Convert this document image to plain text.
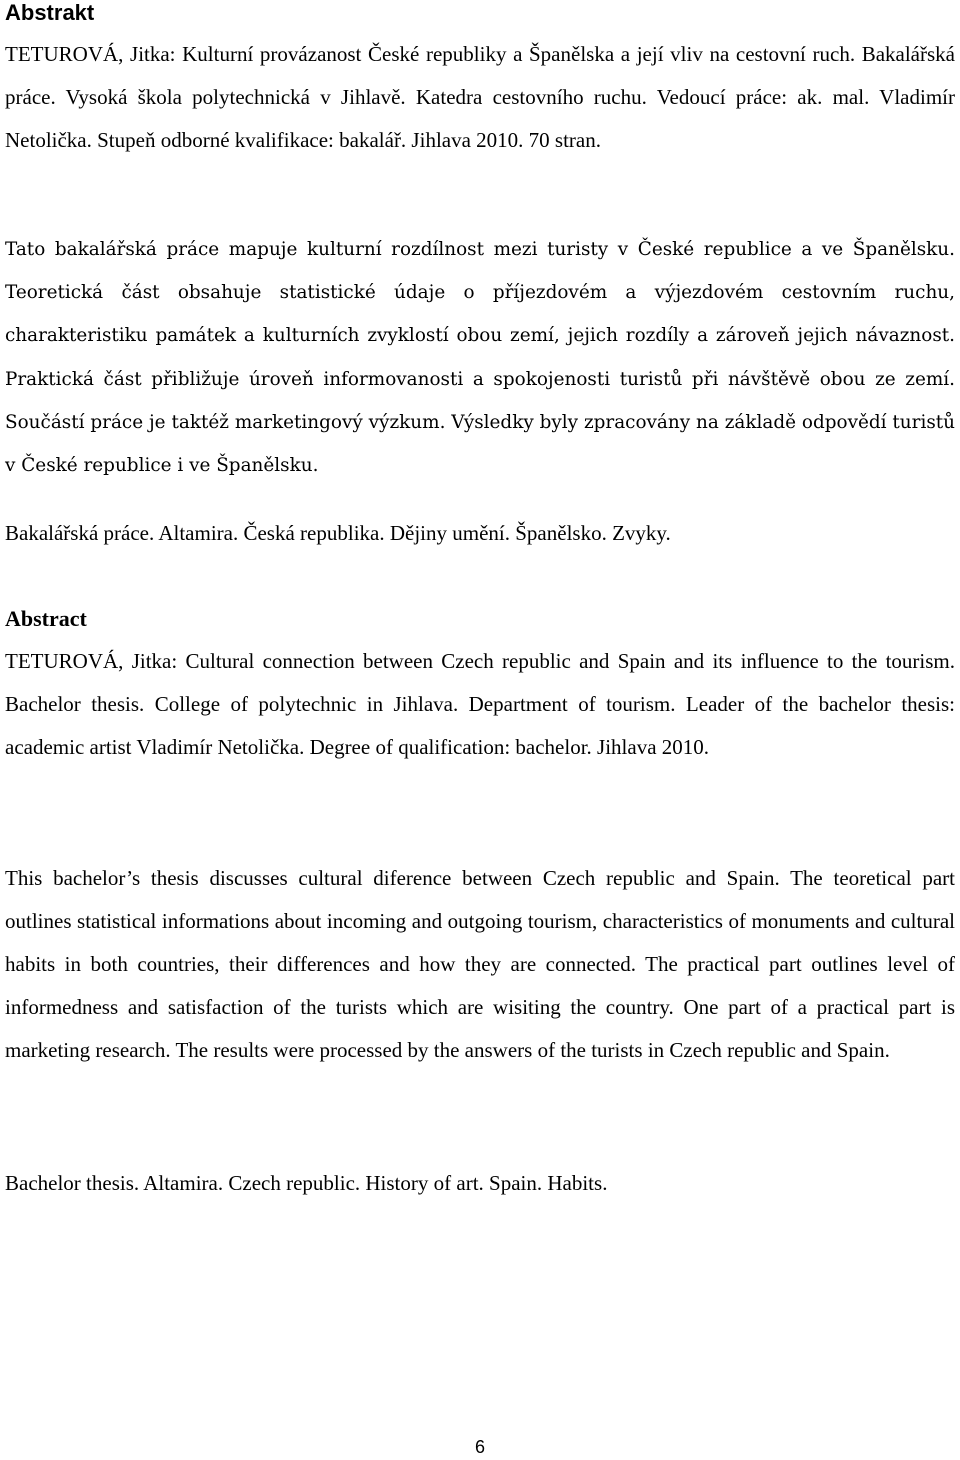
Abstrakt

TETUROVÁ, Jitka: Kulturní provázanost České republiky a Španělska a její vliv na cestovní ruch. Bakalářská práce. Vysoká škola polytechnická v Jihlavě. Katedra cestovního ruchu. Vedoucí práce: ak. mal. Vladimír Netolička. Stupeň odborné kvalifikace: bakalář. Jihlava 2010. 70 stran.

Tato bakalářská práce mapuje kulturní rozdílnost mezi turisty v České republice a ve Španělsku. Teoretická část obsahuje statistické údaje o příjezdovém a výjezdovém cestovním ruchu, charakteristiku památek a kulturních zvyklostí obou zemí, jejich rozdíly a zároveň jejich návaznost. Praktická část přibližuje úroveň informovanosti a spokojenosti turistů při návštěvě obou ze zemí. Součástí práce je taktéž marketingový výzkum. Výsledky byly zpracovány na základě odpovědí turistů v České republice i ve Španělsku.

Bakalářská práce. Altamira. Česká republika. Dějiny umění. Španělsko. Zvyky.

Abstract

TETUROVÁ, Jitka: Cultural connection between Czech republic and Spain and its influence to the tourism. Bachelor thesis. College of polytechnic in Jihlava. Department of tourism. Leader of the bachelor thesis: academic artist Vladimír Netolička. Degree of qualification: bachelor. Jihlava 2010.

This bachelor’s thesis discusses cultural diference between Czech republic and Spain. The teoretical part outlines statistical informations about incoming and outgoing tourism, characteristics of monuments and cultural habits in both countries, their differences and how they are connected. The practical part outlines level of informedness and satisfaction of the turists which are wisiting the country. One part of a practical part is marketing research. The results were processed by the answers of the turists in Czech republic and Spain.

Bachelor thesis. Altamira. Czech republic. History of art. Spain. Habits.

6
